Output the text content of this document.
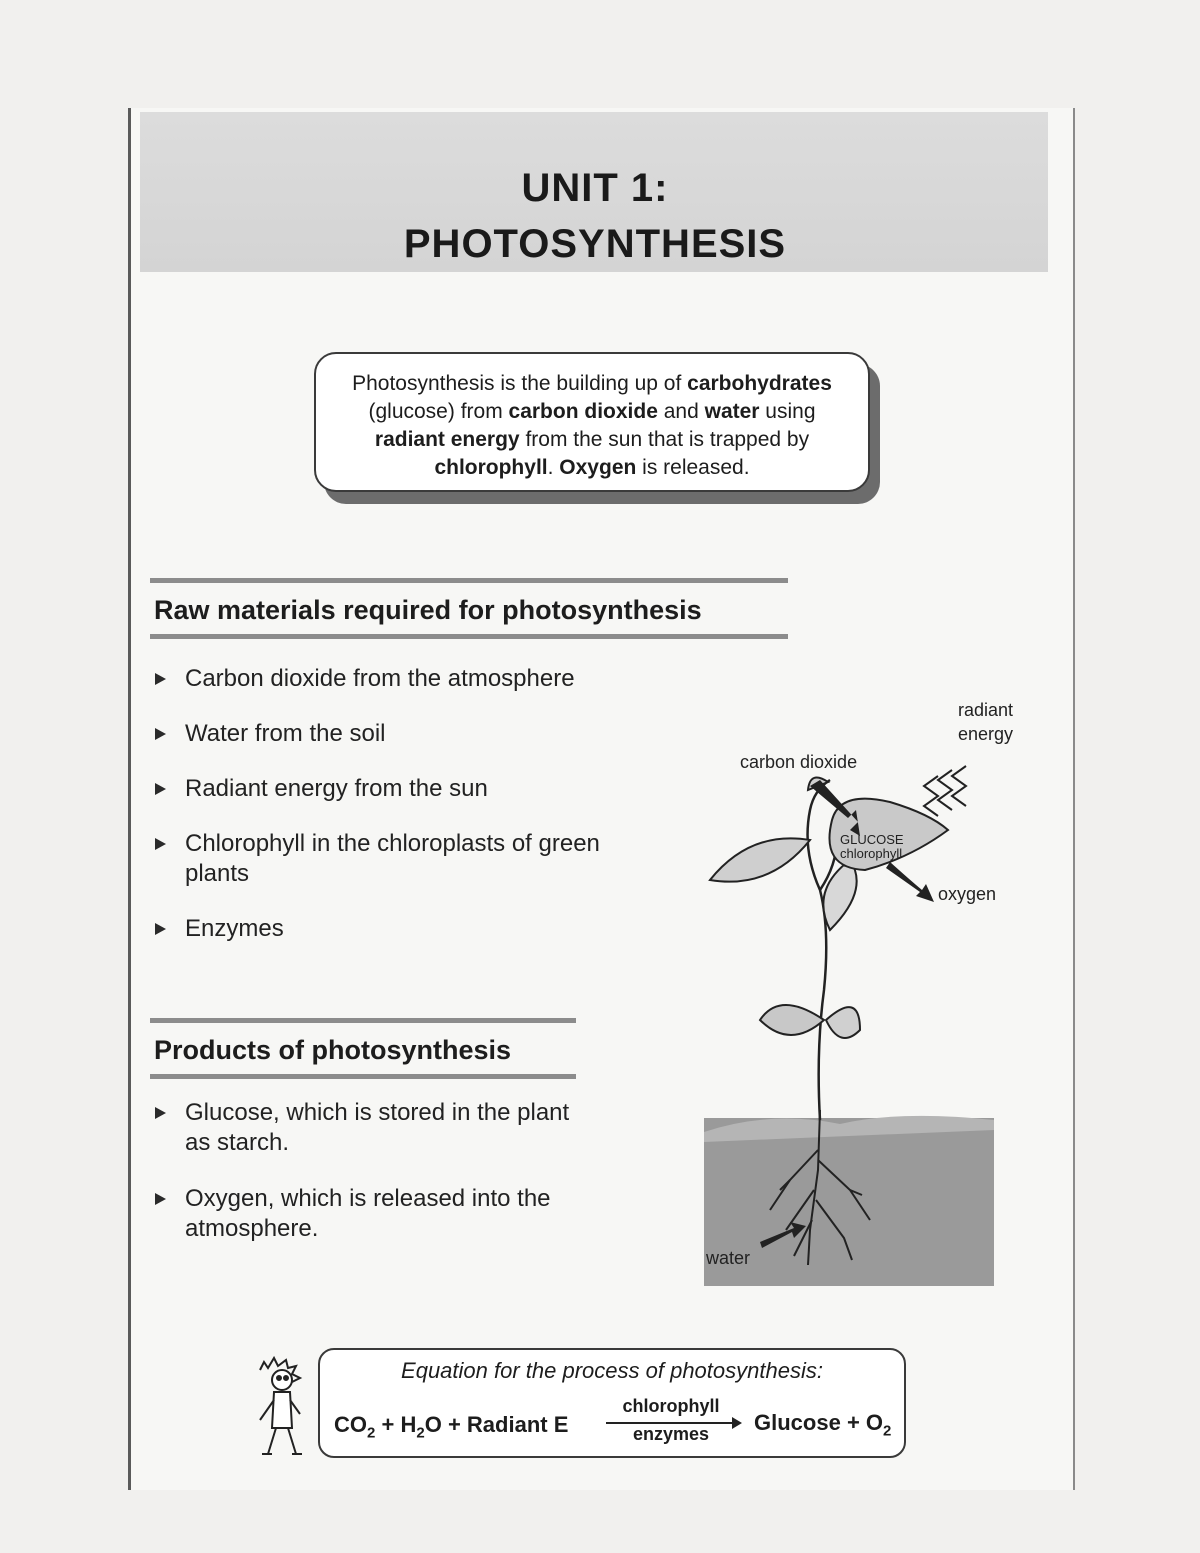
UNIT 1:
PHOTOSYNTHESIS
Photosynthesis is the building up of carbohydrates (glucose) from carbon dioxide and water using radiant energy from the sun that is trapped by chlorophyll. Oxygen is released.
Raw materials required for photosynthesis
Carbon dioxide from the atmosphere
Water from the soil
Radiant energy from the sun
Chlorophyll in the chloroplasts of green plants
Enzymes
Products of photosynthesis
Glucose, which is stored in the plant as starch.
Oxygen, which is released into the atmosphere.
radiant energy
carbon dioxide
GLUCOSE
chlorophyll
oxygen
water
Equation for the process of photosynthesis:
$CO_2 + H_2O$ + Radiant E
chlorophyll
enzymes	$Glucose + O_2$
